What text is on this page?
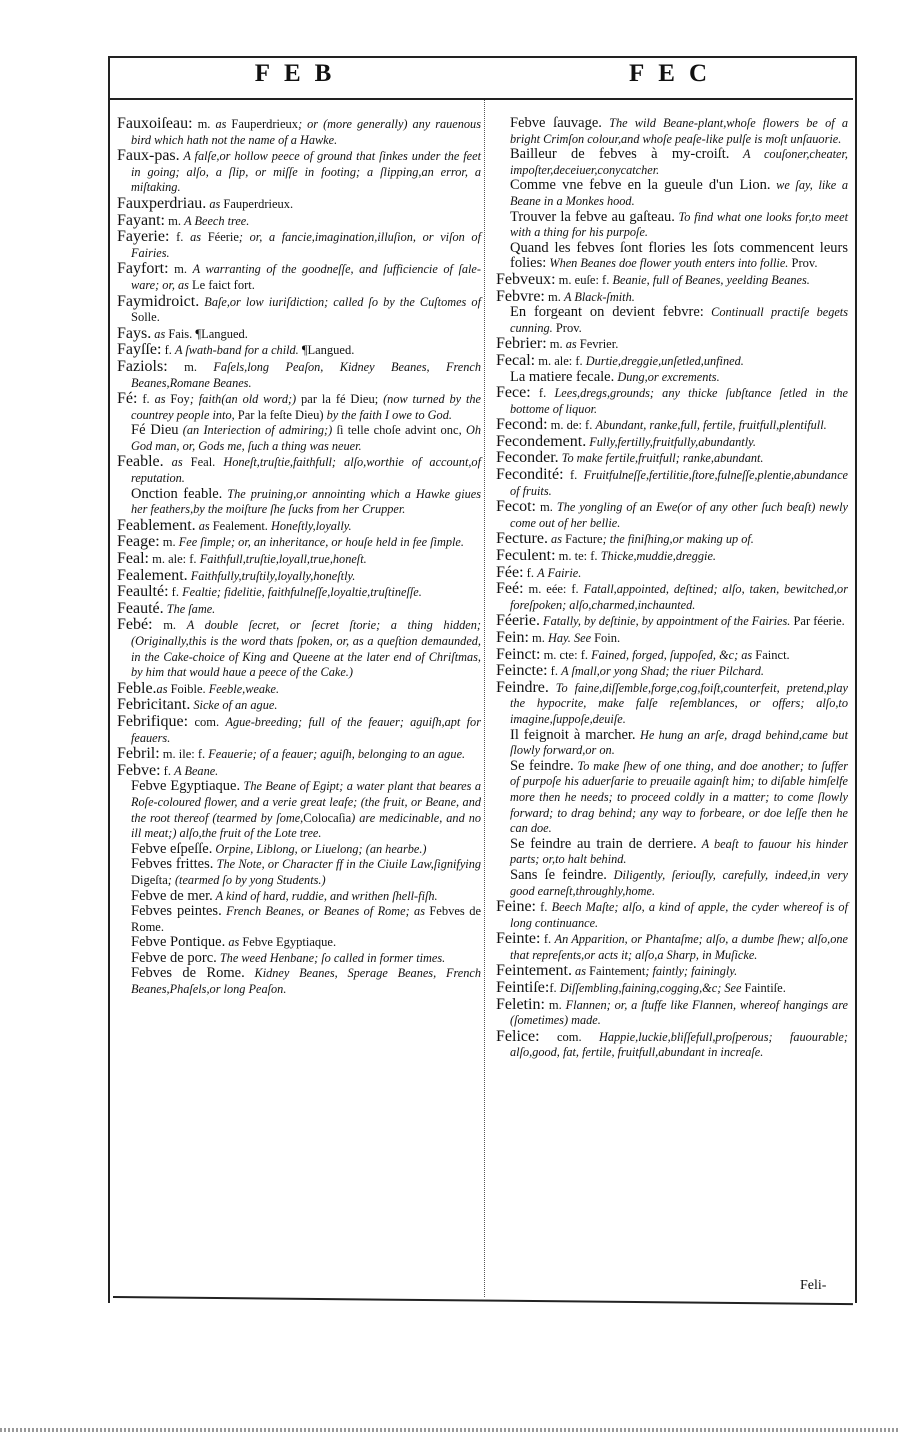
FEB	FEC

Fauxoiſeau: m. as Fauperdrieux; or (more generally) any rauenous bird which hath not the name of a Hawke.

Faux-pas. A falſe,or hollow peece of ground that ſinkes under the feet in going; alſo, a ſlip, or miſſe in footing; a ſlipping,an error, a miſtaking.

Fauxperdriau. as Fauperdrieux.

Fayant: m. A Beech tree.

Fayerie: f. as Féerie; or, a fancie,imagination,illuſion, or viſon of Fairies.

Fayfort: m. A warranting of the goodneſſe, and ſufficiencie of ſale-ware; or, as Le faict fort.

Faymidroict. Baſe,or low iuriſdiction; called ſo by the Cuſtomes of Solle.

Fays. as Fais. ¶Langued.

Fayſſe: f. A ſwath-band for a child. ¶Langued.

Faziols: m. Faſels,long Peaſon, Kidney Beanes, French Beanes,Romane Beanes.

Fé: f. as Foy; faith(an old word;) par la fé Dieu; (now turned by the countrey people into, Par la feſte Dieu) by the faith I owe to God.

Fé Dieu (an Interiection of admiring;) ſi telle choſe advint onc, Oh God man, or, Gods me, ſuch a thing was neuer.

Feable. as Feal. Honeſt,truſtie,faithfull; alſo,worthie of account,of reputation.

Onction feable. The pruining,or annointing which a Hawke giues her feathers,by the moiſture ſhe ſucks from her Crupper.

Feablement. as Fealement. Honeſtly,loyally.

Feage: m. Fee ſimple; or, an inheritance, or houſe held in fee ſimple.

Feal: m. ale: f. Faithfull,truſtie,loyall,true,honeſt.

Fealement. Faithfully,truſtily,loyally,honeſtly.

Feaulté: f. Fealtie; fidelitie, faithfulneſſe,loyaltie,truſtineſſe.

Feauté. The ſame.

Febé: m. A double ſecret, or ſecret ſtorie; a thing hidden; (Originally,this is the word thats ſpoken, or, as a queſtion demaunded, in the Cake-choice of King and Queene at the later end of Chriſtmas, by him that would haue a peece of the Cake.)

Feble.as Foible. Feeble,weake.

Febricitant. Sicke of an ague.

Febrifique: com. Ague-breeding; full of the feauer; aguiſh,apt for feauers.

Febril: m. ile: f. Feauerie; of a feauer; aguiſh, belonging to an ague.

Febve: f. A Beane.

Febve Egyptiaque. The Beane of Egipt; a water plant that beares a Roſe-coloured flower, and a verie great leafe; (the fruit, or Beane, and the root thereof (tearmed by ſome,Colocaſia) are medicinable, and no ill meat;) alſo,the fruit of the Lote tree.

Febve eſpeſſe. Orpine, Liblong, or Liuelong; (an hearbe.)

Febves frittes. The Note, or Character ff in the Ciuile Law,ſignifying Digeſta; (tearmed ſo by yong Students.)

Febve de mer. A kind of hard, ruddie, and writhen ſhell-fiſh.

Febves peintes. French Beanes, or Beanes of Rome; as Febves de Rome.

Febve Pontique. as Febve Egyptiaque.

Febve de porc. The weed Henbane; ſo called in former times.

Febves de Rome. Kidney Beanes, Sperage Beanes, French Beanes,Phaſels,or long Peaſon.

Febve ſauvage. The wild Beane-plant,whoſe flowers be of a bright Crimſon colour,and whoſe peaſe-like pulſe is moſt unſauorie.

Bailleur de febves à my-croiſt. A couſoner,cheater, impoſter,deceiuer,conycatcher.

Comme vne febve en la gueule d'un Lion. we ſay, like a Beane in a Monkes hood.

Trouver la febve au gaſteau. To find what one looks for,to meet with a thing for his purpoſe.

Quand les febves ſont flories les ſots commencent leurs folies: When Beanes doe flower youth enters into follie. Prov.

Febveux: m. euſe: f. Beanie, full of Beanes, yeelding Beanes.

Febvre: m. A Black-ſmith.

En forgeant on devient febvre: Continuall practiſe begets cunning. Prov.

Febrier: m. as Fevrier.

Fecal: m. ale: f. Durtie,dreggie,unſetled,unfined.

La matiere fecale. Dung,or excrements.

Fece: f. Lees,dregs,grounds; any thicke ſubſtance ſetled in the bottome of liquor.

Fecond: m. de: f. Abundant, ranke,full, fertile, fruitfull,plentifull.

Fecondement. Fully,fertilly,fruitfully,abundantly.

Feconder. To make fertile,fruitfull; ranke,abundant.

Fecondité: f. Fruitfulneſſe,fertilitie,ſtore,fulneſſe,plentie,abundance of fruits.

Fecot: m. The yongling of an Ewe(or of any other ſuch beaſt) newly come out of her bellie.

Fecture. as Facture; the finiſhing,or making up of.

Feculent: m. te: f. Thicke,muddie,dreggie.

Fée: f. A Fairie.

Feé: m. eée: f. Fatall,appointed, deſtined; alſo, taken, bewitched,or foreſpoken; alſo,charmed,inchaunted.

Féerie. Fatally, by deſtinie, by appointment of the Fairies. Par féerie.

Fein: m. Hay. See Foin.

Feinct: m. cte: f. Fained, forged, ſuppoſed, &c; as Fainct.

Feincte: f. A ſmall,or yong Shad; the riuer Pilchard.

Feindre. To faine,diſſemble,forge,cog,foiſt,counterfeit, pretend,play the hypocrite, make falſe reſemblances, or offers; alſo,to imagine,ſuppoſe,deuiſe.

Il feignoit à marcher. He hung an arſe, dragd behind,came but ſlowly forward,or on.

Se feindre. To make ſhew of one thing, and doe another; to ſuffer of purpoſe his aduerſarie to preuaile againſt him; to diſable himſelfe more then he needs; to proceed coldly in a matter; to come ſlowly forward; to drag behind; any way to forbeare, or doe leſſe then he can doe.

Se feindre au train de derriere. A beaſt to fauour his hinder parts; or,to halt behind.

Sans ſe feindre. Diligently, ſeriouſly, carefully, indeed,in very good earneſt,throughly,home.

Feine: f. Beech Maſte; alſo, a kind of apple, the cyder whereof is of long continuance.

Feinte: f. An Apparition, or Phantaſme; alſo, a dumbe ſhew; alſo,one that repreſents,or acts it; alſo,a Sharp, in Muſicke.

Feintement. as Faintement; faintly; fainingly.

Feintiſe:f. Diſſembling,faining,cogging,&c; See Faintiſe.

Feletin: m. Flannen; or, a ſtuffe like Flannen, whereof hangings are (ſometimes) made.

Felice: com. Happie,luckie,bliſſefull,proſperous; fauourable; alſo,good, fat, fertile, fruitfull,abundant in increaſe.

Feli-
